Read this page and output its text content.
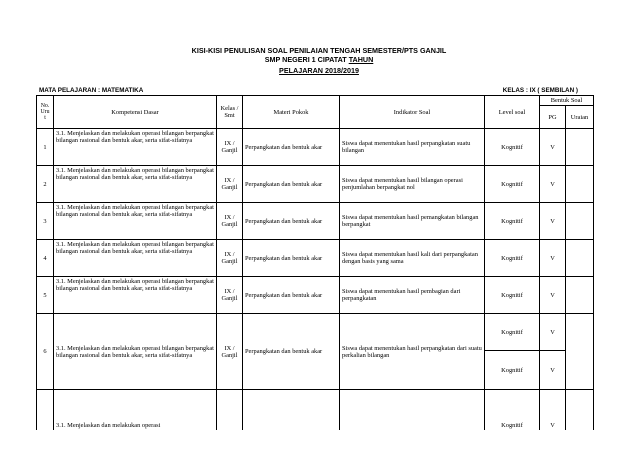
KISI-KISI PENULISAN SOAL PENILAIAN TENGAH SEMESTER/PTS GANJIL
SMP NEGERI 1 CIPATAT TAHUN
PELAJARAN 2018/2019
MATA PELAJARAN : MATEMATIKA	KELAS : IX ( SEMBILAN )
No. Uru t	Kompetensi Dasar	Kelas / Smt	Materi Pokok	Indikator Soal	Level soal	Bentuk Soal	
						PG	Uraian
1	3.1. Menjelaskan dan melakukan operasi bilangan berpangkat bilangan rasional dan bentuk akar, serta sifat-sifatnya	IX / Ganjil	Perpangkatan dan bentuk akar	Siswa dapat menentukan hasil perpangkatan suatu bilangan	Kognitif	V	
2	3.1. Menjelaskan dan melakukan operasi bilangan berpangkat bilangan rasional dan bentuk akar, serta sifat-sifatnya	IX / Ganjil	Perpangkatan dan bentuk akar	Siswa dapat menentukan hasil bilangan operasi penjumlahan berpangkat nol	Kognitif	V	
3	3.1. Menjelaskan dan melakukan operasi bilangan berpangkat bilangan rasional dan bentuk akar, serta sifat-sifatnya	IX / Ganjil	Perpangkatan dan bentuk akar	Siswa dapat menentukan hasil pemangkatan bilangan berpangkat	Kognitif	V	
4	3.1. Menjelaskan dan melakukan operasi bilangan berpangkat bilangan rasional dan bentuk akar, serta sifat-sifatnya	IX / Ganjil	Perpangkatan dan bentuk akar	Siswa dapat menentukan hasil kali dari perpangkatan dengan basis yang sama	Kognitif	V	
5	3.1. Menjelaskan dan melakukan operasi bilangan berpangkat bilangan rasional dan bentuk akar, serta sifat-sifatnya	IX / Ganjil	Perpangkatan dan bentuk akar	Siswa dapat menentukan hasil pembagian dari perpangkatan	Kognitif	V	
6	3.1. Menjelaskan dan melakukan operasi bilangan berpangkat bilangan rasional dan bentuk akar, serta sifat-sifatnya	IX / Ganjil	Perpangkatan dan bentuk akar	Siswa dapat menentukan hasil perpangkatan dari suatu perkalian bilangan	Kognitif	V	
					Kognitif	V	
	3.1. Menjelaskan dan melakukan operasi				Kognitif	V	
